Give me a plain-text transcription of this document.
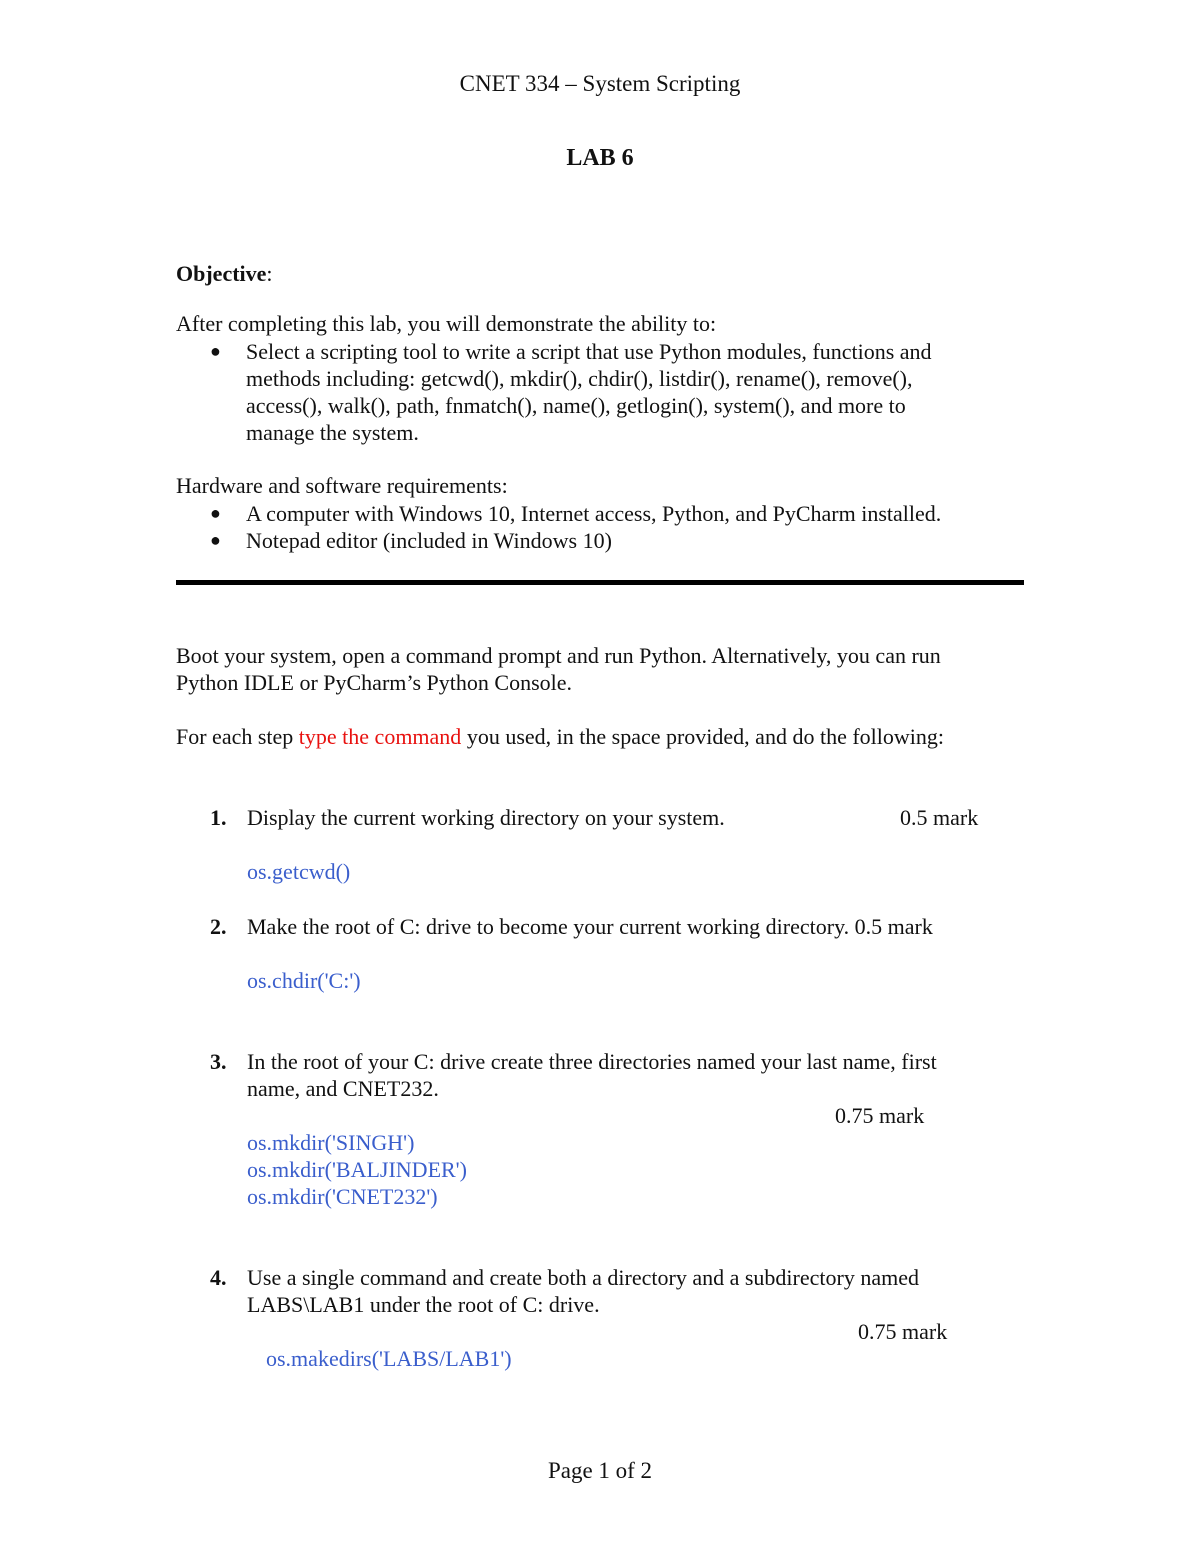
CNET 334 – System Scripting
LAB 6
Objective:
After completing this lab, you will demonstrate the ability to:
● Select a scripting tool to write a script that use Python modules, functions and
methods including: getcwd(), mkdir(), chdir(), listdir(), rename(), remove(),
access(), walk(), path, fnmatch(), name(), getlogin(), system(), and more to
manage the system.
Hardware and software requirements:
● A computer with Windows 10, Internet access, Python, and PyCharm installed.
● Notepad editor (included in Windows 10)
Boot your system, open a command prompt and run Python. Alternatively, you can run
Python IDLE or PyCharm’s Python Console.
For each step type the command you used, in the space provided, and do the following:
1. Display the current working directory on your system.	0.5 mark
os.getcwd()
2. Make the root of C: drive to become your current working directory. 0.5 mark
os.chdir('C:')
3. In the root of your C: drive create three directories named your last name, first
name, and CNET232.
0.75 mark
os.mkdir('SINGH')
os.mkdir('BALJINDER')
os.mkdir('CNET232')
4. Use a single command and create both a directory and a subdirectory named
LABS\LAB1 under the root of C: drive.
0.75 mark
os.makedirs('LABS/LAB1')
Page 1 of 2
